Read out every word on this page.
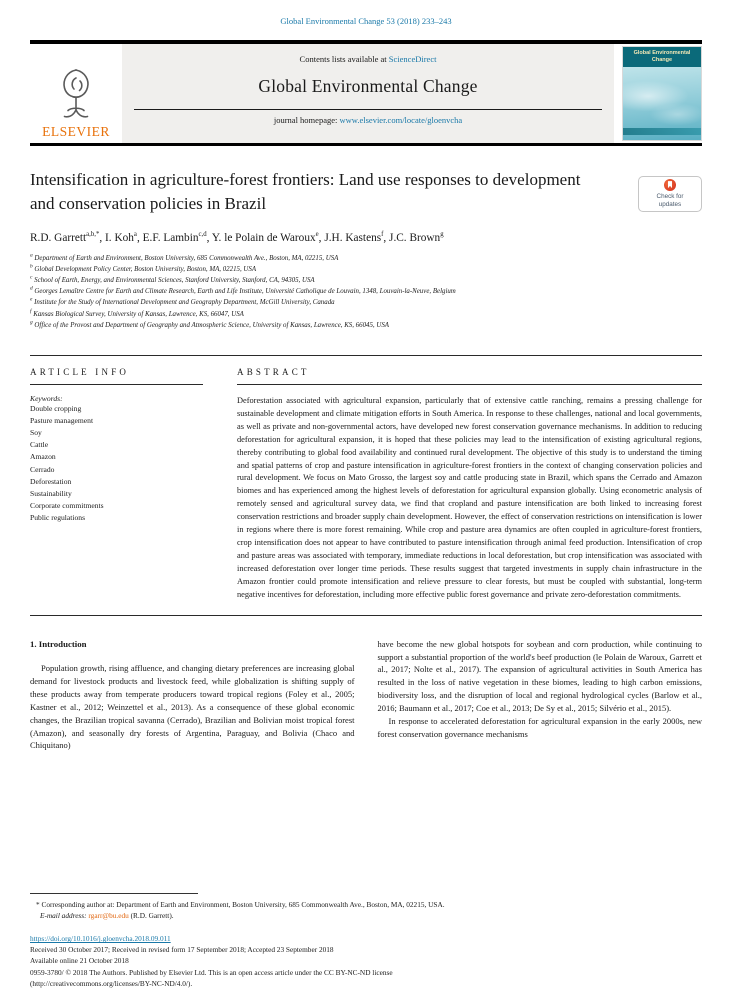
Global Environmental Change 53 (2018) 233–243
ELSEVIER
Contents lists available at ScienceDirect
Global Environmental Change
journal homepage: www.elsevier.com/locate/gloenvcha
Global Environmental Change
Intensification in agriculture-forest frontiers: Land use responses to development and conservation policies in Brazil	Check for updates
R.D. Garrett$^{a,b,*}$, I. Koh$^a$, E.F. Lambin$^{c,d}$, Y. le Polain de Waroux$^e$, J.H. Kastens$^f$, J.C. Brown$^g$
$^a$ Department of Earth and Environment, Boston University, 685 Commonwealth Ave., Boston, MA, 02215, USA
$^b$ Global Development Policy Center, Boston University, Boston, MA, 02215, USA
$^c$ School of Earth, Energy, and Environmental Sciences, Stanford University, Stanford, CA, 94305, USA
$^d$ Georges Lemaître Centre for Earth and Climate Research, Earth and Life Institute, Université Catholique de Louvain, 1348, Louvain-la-Neuve, Belgium
$^e$ Institute for the Study of International Development and Geography Department, McGill University, Canada
$^f$ Kansas Biological Survey, University of Kansas, Lawrence, KS, 66047, USA
$^g$ Office of the Provost and Department of Geography and Atmospheric Science, University of Kansas, Lawrence, KS, 66045, USA
ARTICLE INFO
Keywords:
Double cropping
Pasture management
Soy
Cattle
Amazon
Cerrado
Deforestation
Sustainability
Corporate commitments
Public regulations
ABSTRACT

Deforestation associated with agricultural expansion, particularly that of extensive cattle ranching, remains a pressing challenge for sustainable development and climate mitigation efforts in South America. In response to these challenges, national and local governments, as well as private and non-governmental actors, have developed new forest conservation governance mechanisms. In addition to reducing deforestation for agricultural expansion, it is hoped that these policies may lead to the intensification of existing agricultural regions, thereby contributing to global food availability and continued rural development. The objective of this study is to understand the timing and spatial patterns of crop and pasture intensification in agriculture-forest frontiers in the context of changing conservation policies and rural development. We focus on Mato Grosso, the largest soy and cattle producing state in Brazil, which spans the Cerrado and Amazon biomes and has experienced among the highest levels of deforestation for agricultural expansion globally. Using econometric analysis of remotely sensed and agricultural survey data, we find that cropland and pasture intensification are both linked to increasing forest conservation restrictions and broader supply chain development. However, the effect of conservation restrictions on intensification is lower in regions where there is more forest remaining. While crop and pasture area dynamics are often coupled in agriculture-forest frontiers, crop intensification does not appear to have contributed to pasture intensification through animal feed production. Intensification of crop and pasture areas was associated with temporary, immediate reductions in local deforestation, but crop intensification was associated with increased deforestation over longer time periods. These results suggest that targeted investments in supply chain infrastructure in the Amazon frontier could promote intensification and relieve pressure to clear forests, but must be coupled with substantial, long-term negative incentives for deforestation, including more effective public forest governance and private zero-deforestation commitments.

1. Introduction

Population growth, rising affluence, and changing dietary preferences are increasing global demand for livestock products and livestock feed, while globalization is shifting supply of these products away from temperate producers toward tropical regions (Foley et al., 2005; Kastner et al., 2012; Weinzettel et al., 2013). As a consequence of these global economic changes, the Brazilian tropical savanna (Cerrado), Brazilian and Bolivian moist tropical forest (Amazon), and seasonally dry forests of Argentina, Paraguay, and Bolivia (Chaco and Chiquitano)

have become the new global hotspots for soybean and corn production, while continuing to support a substantial proportion of the world's beef production (le Polain de Waroux, Garrett et al., 2017; Nolte et al., 2017). The expansion of agricultural activities in South America has resulted in the loss of native vegetation in these biomes, leading to high carbon emissions, biodiversity loss, and the disruption of local and regional hydrological cycles (Barlow et al., 2016; Baumann et al., 2017; Coe et al., 2013; De Sy et al., 2015; Silvério et al., 2015).

In response to accelerated deforestation for agricultural expansion in the early 2000s, new forest conservation governance mechanisms

* Corresponding author at: Department of Earth and Environment, Boston University, 685 Commonwealth Ave., Boston, MA, 02215, USA.

E-mail address: rgarr@bu.edu (R.D. Garrett).

https://doi.org/10.1016/j.gloenvcha.2018.09.011

Received 30 October 2017; Received in revised form 17 September 2018; Accepted 23 September 2018

Available online 21 October 2018

0959-3780/ © 2018 The Authors. Published by Elsevier Ltd. This is an open access article under the CC BY-NC-ND license

(http://creativecommons.org/licenses/BY-NC-ND/4.0/).
